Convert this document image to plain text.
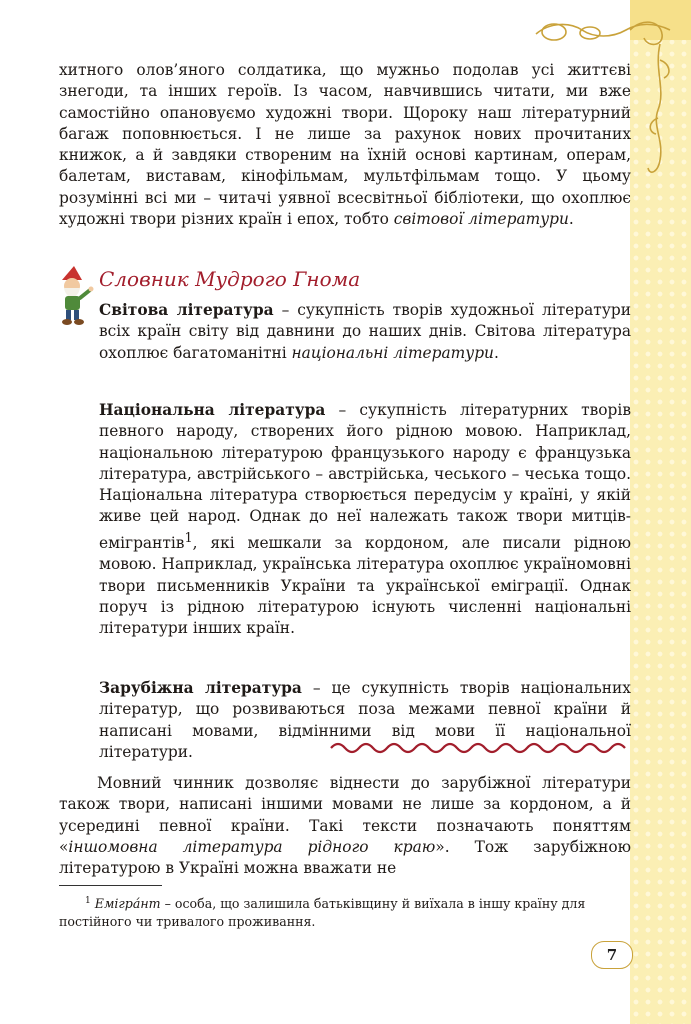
хитного олов’яного солдатика, що мужньо подолав усі життєві знегоди, та інших героїв. Із часом, навчившись читати, ми вже самостійно опановуємо художні твори. Щороку наш літературний багаж поповнюється. І не лише за рахунок нових прочитаних книжок, а й завдяки створеним на їхній основі картинам, операм, балетам, виставам, кінофільмам, мультфільмам тощо. У цьому розумінні всі ми – читачі уявної всесвітньої бібліотеки, що охоплює художні твори різних країн і епох, тобто світової літератури.

Словник Мудрого Гнома

Світова література – сукупність творів художньої літератури всіх країн світу від давнини до наших днів. Світова література охоплює багатоманітні національні літератури.

Національна література – сукупність літературних творів певного народу, створених його рідною мовою. Наприклад, національною літературою французького народу є французька література, австрійського – австрійська, чеського – чеська тощо. Національна література створюється передусім у країні, у якій живе цей народ. Однак до неї належать також твори митців-емігрантів$^1$, які мешкали за кордоном, але писали рідною мовою. Наприклад, українська література охоплює україномовні твори письменників України та української еміграції. Однак поруч із рідною літературою існують численні національні літератури інших країн.

Зарубіжна література – це сукупність творів національних літератур, що розвиваються поза межами певної країни й написані мовами, відмінними від мови її національної літератури.

Мовний чинник дозволяє віднести до зарубіжної літератури також твори, написані іншими мовами не лише за кордоном, а й усередині певної країни. Такі тексти позначають поняттям «іншомовна література рідного краю». Тож зарубіжною літературою в Україні можна вважати не

$^1$ Емігра́нт – особа, що залишила батьківщину й виїхала в іншу країну для постійного чи тривалого проживання.

7
